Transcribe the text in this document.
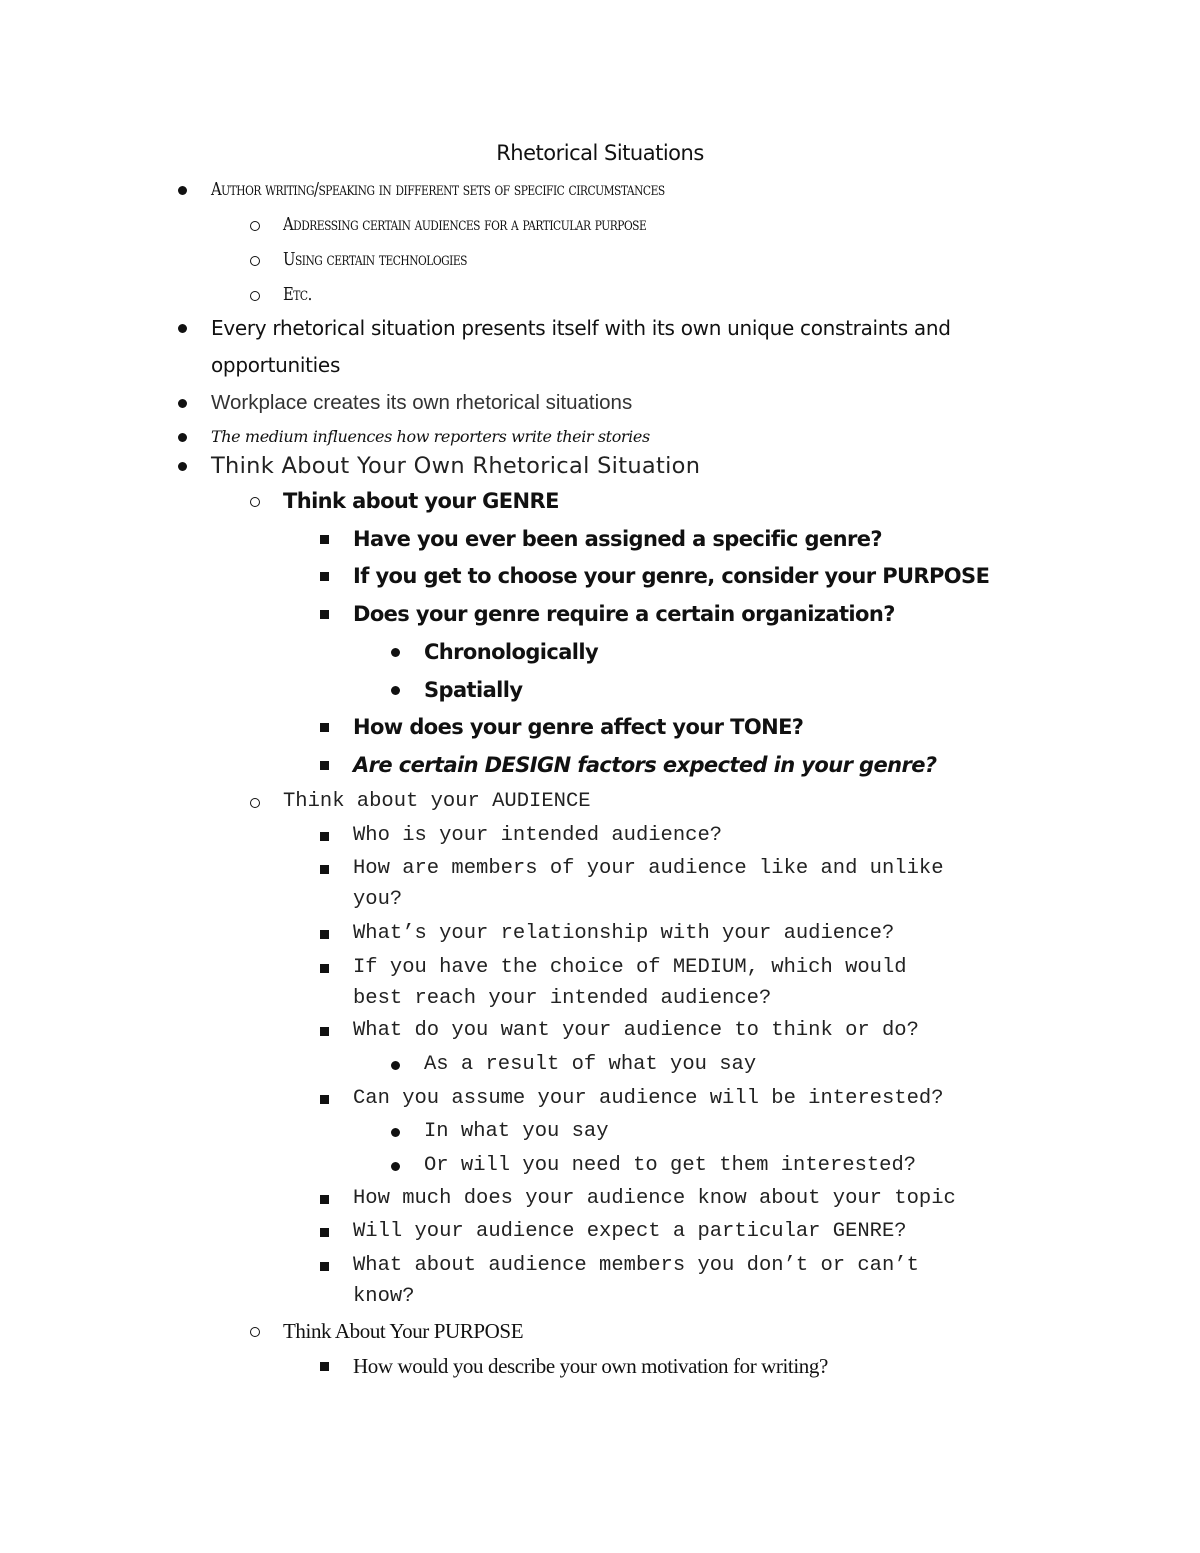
Rhetorical Situations
Author writing/speaking in different sets of specific circumstances
Addressing certain audiences for a particular purpose
Using certain technologies
Etc.
Every rhetorical situation presents itself with its own unique constraints and
opportunities
Workplace creates its own rhetorical situations
The medium influences how reporters write their stories
Think About Your Own Rhetorical Situation
Think about your GENRE
Have you ever been assigned a specific genre?
If you get to choose your genre, consider your PURPOSE
Does your genre require a certain organization?
Chronologically
Spatially
How does your genre affect your TONE?
Are certain DESIGN factors expected in your genre?
Think about your AUDIENCE
Who is your intended audience?
How are members of your audience like and unlike
you?
What’s your relationship with your audience?
If you have the choice of MEDIUM, which would
best reach your intended audience?
What do you want your audience to think or do?
As a result of what you say
Can you assume your audience will be interested?
In what you say
Or will you need to get them interested?
How much does your audience know about your topic
Will your audience expect a particular GENRE?
What about audience members you don’t or can’t
know?
Think About Your PURPOSE
How would you describe your own motivation for writing?
